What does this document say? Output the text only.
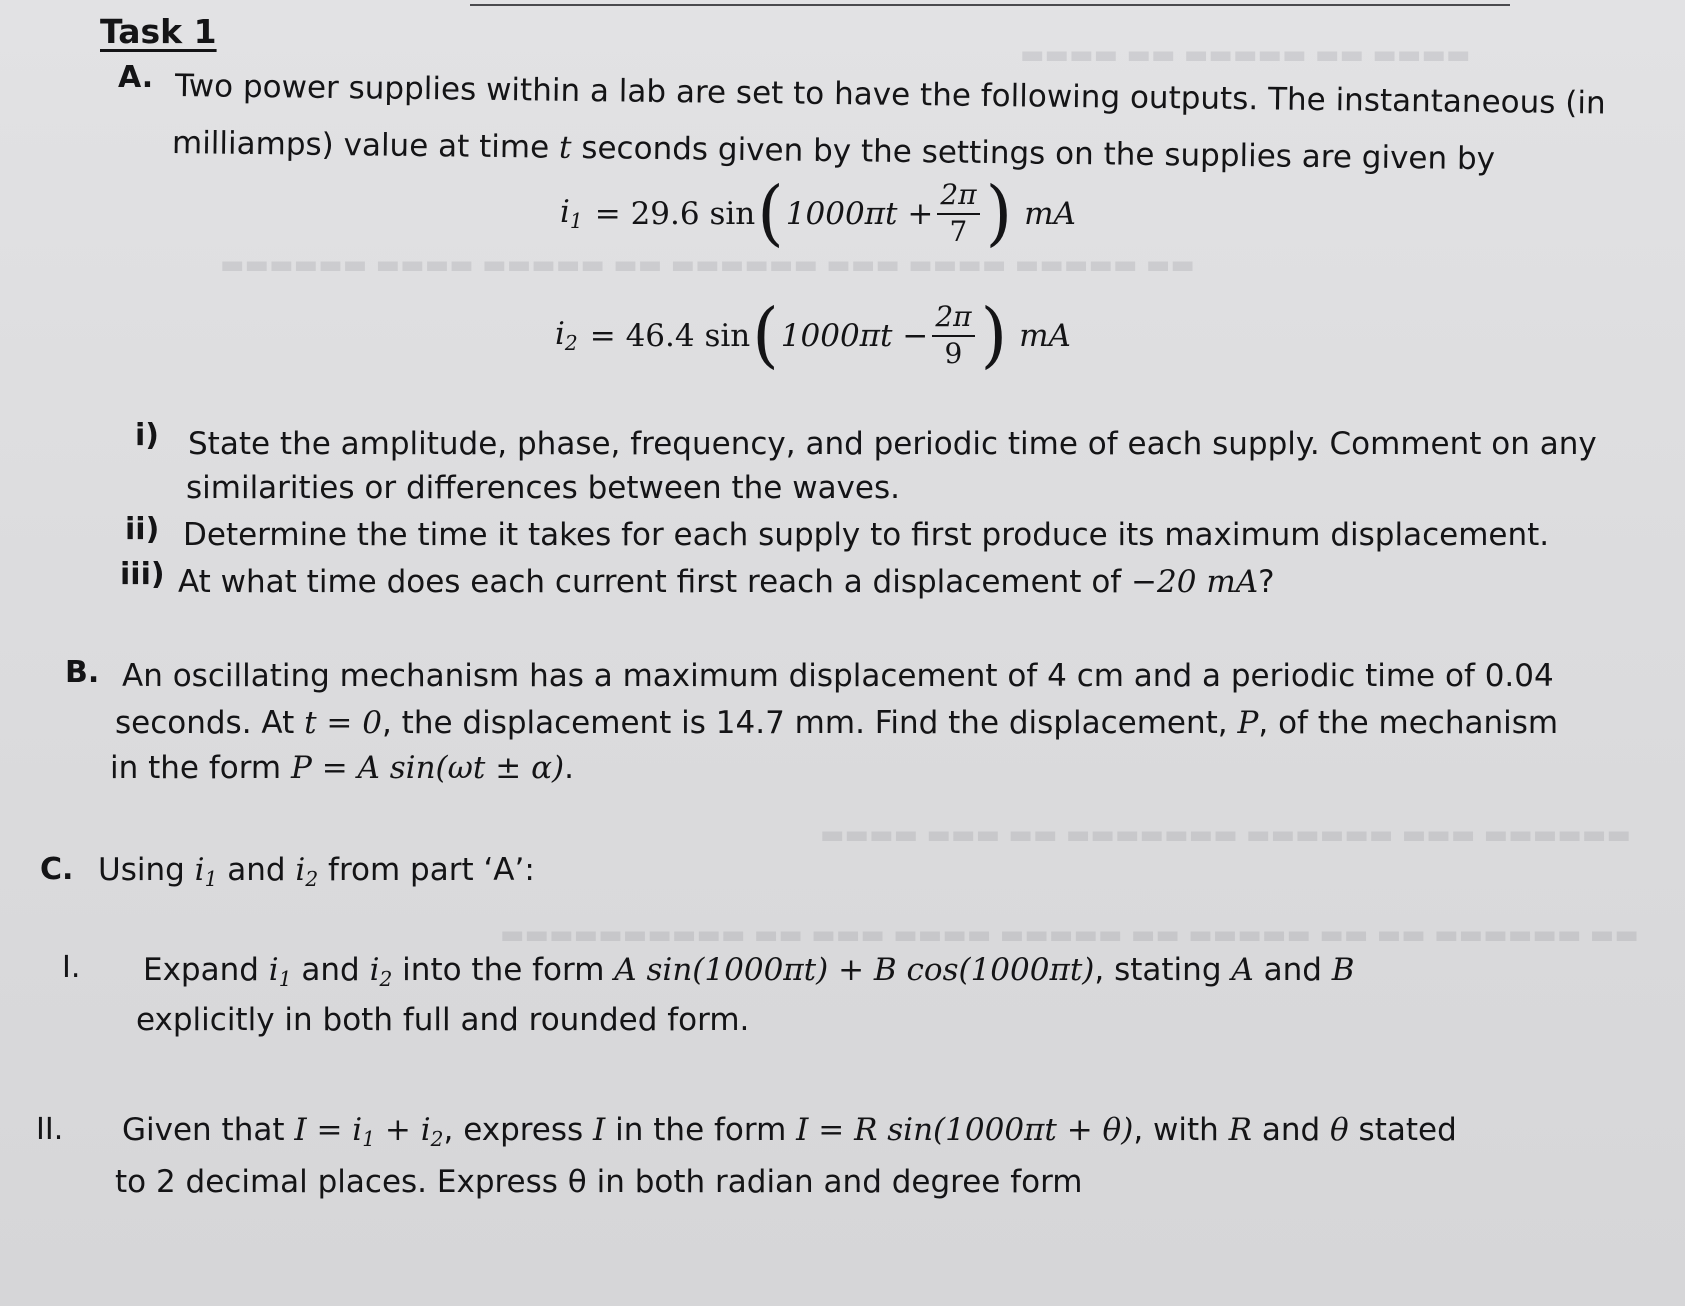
▬▬▬▬ ▬▬ ▬▬▬▬▬ ▬▬ ▬▬▬▬
▬▬ ▬▬▬▬▬ ▬▬▬▬ ▬▬▬ ▬▬▬▬▬▬ ▬▬ ▬▬▬▬▬ ▬▬▬▬ ▬▬▬▬▬▬
▬▬▬▬▬▬ ▬▬▬ ▬▬▬▬▬▬ ▬▬▬▬▬▬▬ ▬▬ ▬▬▬ ▬▬▬▬
▬▬ ▬▬▬▬▬▬ ▬▬ ▬▬ ▬▬▬▬▬ ▬▬ ▬▬▬▬▬ ▬▬▬▬ ▬▬▬ ▬▬ ▬▬▬▬▬▬▬▬▬▬
Task 1
A. Two power supplies within a lab are set to have the following outputs. The instantaneous (in
milliamps) value at time t seconds given by the settings on the supplies are given by
$i_1 = 29.6$ sin ( $1000\pi t + \frac{2\pi}{7}$ ) mA
$i_2 = 46.4$ sin ( $1000\pi t - \frac{2\pi}{9}$ ) mA
i) State the amplitude, phase, frequency, and periodic time of each supply. Comment on any
similarities or differences between the waves.
ii) Determine the time it takes for each supply to first produce its maximum displacement.
iii) At what time does each current first reach a displacement of −20 mA?
B. An oscillating mechanism has a maximum displacement of 4 cm and a periodic time of 0.04
seconds. At t = 0, the displacement is 14.7 mm. Find the displacement, P, of the mechanism
in the form P = A sin(ωt ± α).
C. Using $i_1$ and $i_2$ from part ‘A’:
I. Expand $i_1$ and $i_2$ into the form A sin(1000πt) + B cos(1000πt), stating A and B
explicitly in both full and rounded form.
II. Given that $I = i_1 + i_2$, express I in the form I = R sin(1000πt + θ), with R and θ stated
to 2 decimal places. Express θ in both radian and degree form
